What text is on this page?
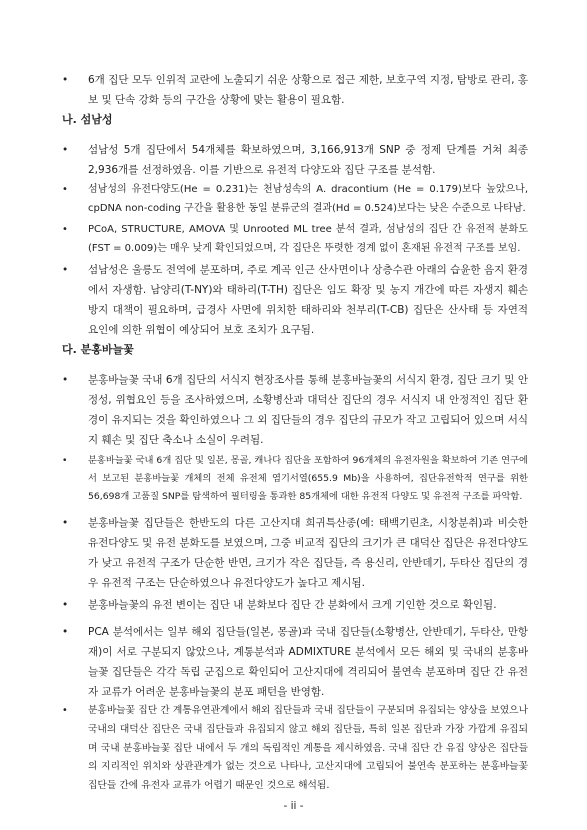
•	6개 집단 모두 인위적 교란에 노출되기 쉬운 상황으로 접근 제한, 보호구역 지정, 탐방로 관리, 홍보 및 단속 강화 등의 구간을 상황에 맞는 활용이 필요함.
나. 섬남성
•	섬남성 5개 집단에서 54개체를 확보하였으며, 3,166,913개 SNP 중 정제 단계를 거쳐 최종 2,936개를 선정하였음. 이를 기반으로 유전적 다양도와 집단 구조를 분석함.
•	섬남성의 유전다양도(He = 0.231)는 천남성속의 A. dracontium (He = 0.179)보다 높았으나, cpDNA non-coding 구간을 활용한 동일 분류군의 결과(Hd = 0.524)보다는 낮은 수준으로 나타남.
•	PCoA, STRUCTURE, AMOVA 및 Unrooted ML tree 분석 결과, 섬남성의 집단 간 유전적 분화도(FST = 0.009)는 매우 낮게 확인되었으며, 각 집단은 뚜렷한 경계 없이 혼재된 유전적 구조를 보임.
•	섬남성은 울릉도 전역에 분포하며, 주로 계곡 인근 산사면이나 상층수관 아래의 습윤한 음지 환경에서 자생함. 남양리(T-NY)와 태하리(T-TH) 집단은 임도 확장 및 농지 개간에 따른 자생지 훼손 방지 대책이 필요하며, 급경사 사면에 위치한 태하리와 천부리(T-CB) 집단은 산사태 등 자연적 요인에 의한 위협이 예상되어 보호 조치가 요구됨.
다. 분홍바늘꽃
•	분홍바늘꽃 국내 6개 집단의 서식지 현장조사를 통해 분홍바늘꽃의 서식지 환경, 집단 크기 및 안정성, 위협요인 등을 조사하였으며, 소황병산과 대덕산 집단의 경우 서식지 내 안정적인 집단 환경이 유지되는 것을 확인하였으나 그 외 집단들의 경우 집단의 규모가 작고 고립되어 있으며 서식지 훼손 및 집단 축소나 소실이 우려됨.
•	분홍바늘꽃 국내 6개 집단 및 일본, 몽골, 캐나다 집단을 포함하여 96개체의 유전자원을 확보하여 기존 연구에서 보고된 분홍바늘꽃 개체의 전체 유전체 염기서열(655.9 Mb)을 사용하여, 집단유전학적 연구를 위한 56,698개 고품질 SNP를 탐색하여 필터링을 통과한 85개체에 대한 유전적 다양도 및 유전적 구조를 파악함.
•	분홍바늘꽃 집단들은 한반도의 다른 고산지대 희귀특산종(예: 태백기린초, 시창분취)과 비슷한 유전다양도 및 유전 분화도를 보였으며, 그중 비교적 집단의 크기가 큰 대덕산 집단은 유전다양도가 낮고 유전적 구조가 단순한 반면, 크기가 작은 집단들, 즉 용신리, 안반데기, 두타산 집단의 경우 유전적 구조는 단순하였으나 유전다양도가 높다고 제시됨.
•	분홍바늘꽃의 유전 변이는 집단 내 분화보다 집단 간 분화에서 크게 기인한 것으로 확인됨.
•	PCA 분석에서는 일부 해외 집단들(일본, 몽골)과 국내 집단들(소황병산, 안반데기, 두타산, 만항재)이 서로 구분되지 않았으나, 계통분석과 ADMIXTURE 분석에서 모든 해외 및 국내의 분홍바늘꽃 집단들은 각각 독립 군집으로 확인되어 고산지대에 격리되어 불연속 분포하며 집단 간 유전자 교류가 어려운 분홍바늘꽃의 분포 패턴을 반영함.
•	분홍바늘꽃 집단 간 계통유연관계에서 해외 집단들과 국내 집단들이 구분되며 유집되는 양상을 보였으나 국내의 대덕산 집단은 국내 집단들과 유집되지 않고 해외 집단들, 특히 일본 집단과 가장 가깝게 유집되며 국내 분홍바늘꽃 집단 내에서 두 개의 독립적인 계통을 제시하였음. 국내 집단 간 유집 양상은 집단들의 지리적인 위치와 상관관계가 없는 것으로 나타나, 고산지대에 고립되어 불연속 분포하는 분홍바늘꽃 집단들 간에 유전자 교류가 어렵기 때문인 것으로 해석됨.
- ii -
